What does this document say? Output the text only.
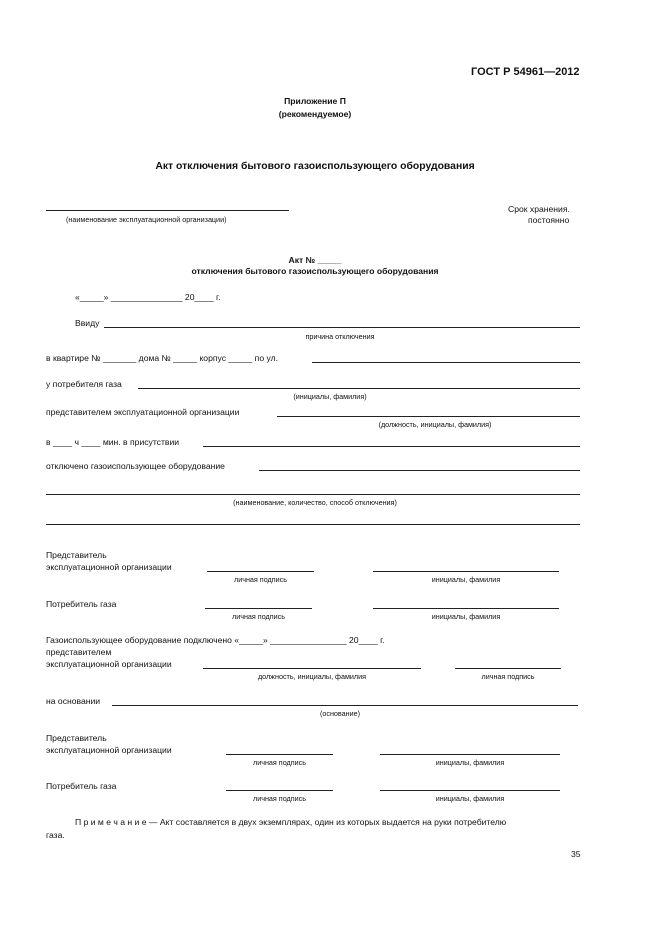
ГОСТ Р 54961—2012
Приложение П
(рекомендуемое)
Акт отключения бытового газоиспользующего оборудования
(наименование эксплуатационной организации)
Срок хранения.
постоянно
Акт № _____
отключения бытового газоиспользующего оборудования
«_____» _______________ 20____ г.
Ввиду
причина отключения
в квартире № _______ дома № _____ корпус _____ по ул.
у потребителя газа
(инициалы, фамилия)
представителем эксплуатационной организации
(должность, инициалы, фамилия)
в ____ ч ____ мин. в присутствии
отключено газоиспользующее оборудование
(наименование, количество, способ отключения)
Представитель
эксплуатационной организации
личная подпись	инициалы, фамилия
Потребитель газа
личная подпись	инициалы, фамилия
Газоиспользующее оборудование подключено «_____» ________________ 20____ г.
представителем
эксплуатационной организации
должность, инициалы, фамилия	личная подпись
на основании
(основание)
Представитель
эксплуатационной организации
личная подпись	инициалы, фамилия
Потребитель газа
личная подпись	инициалы, фамилия
П р и м е ч а н и е — Акт составляется в двух экземплярах, один из которых выдается на руки потребителю
газа.
35
